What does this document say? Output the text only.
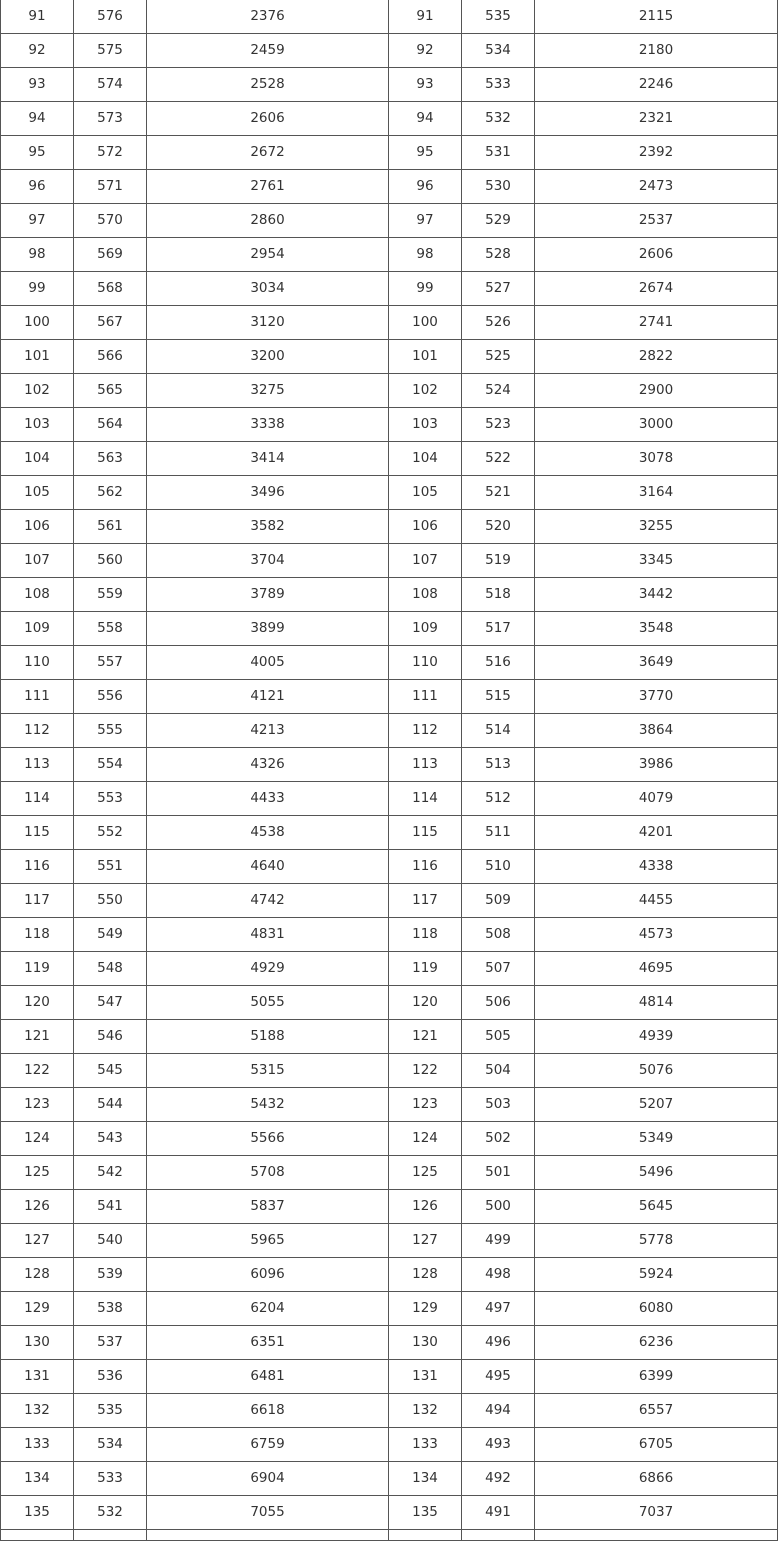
91	576	2376	91	535	2115
92	575	2459	92	534	2180
93	574	2528	93	533	2246
94	573	2606	94	532	2321
95	572	2672	95	531	2392
96	571	2761	96	530	2473
97	570	2860	97	529	2537
98	569	2954	98	528	2606
99	568	3034	99	527	2674
100	567	3120	100	526	2741
101	566	3200	101	525	2822
102	565	3275	102	524	2900
103	564	3338	103	523	3000
104	563	3414	104	522	3078
105	562	3496	105	521	3164
106	561	3582	106	520	3255
107	560	3704	107	519	3345
108	559	3789	108	518	3442
109	558	3899	109	517	3548
110	557	4005	110	516	3649
111	556	4121	111	515	3770
112	555	4213	112	514	3864
113	554	4326	113	513	3986
114	553	4433	114	512	4079
115	552	4538	115	511	4201
116	551	4640	116	510	4338
117	550	4742	117	509	4455
118	549	4831	118	508	4573
119	548	4929	119	507	4695
120	547	5055	120	506	4814
121	546	5188	121	505	4939
122	545	5315	122	504	5076
123	544	5432	123	503	5207
124	543	5566	124	502	5349
125	542	5708	125	501	5496
126	541	5837	126	500	5645
127	540	5965	127	499	5778
128	539	6096	128	498	5924
129	538	6204	129	497	6080
130	537	6351	130	496	6236
131	536	6481	131	495	6399
132	535	6618	132	494	6557
133	534	6759	133	493	6705
134	533	6904	134	492	6866
135	532	7055	135	491	7037
